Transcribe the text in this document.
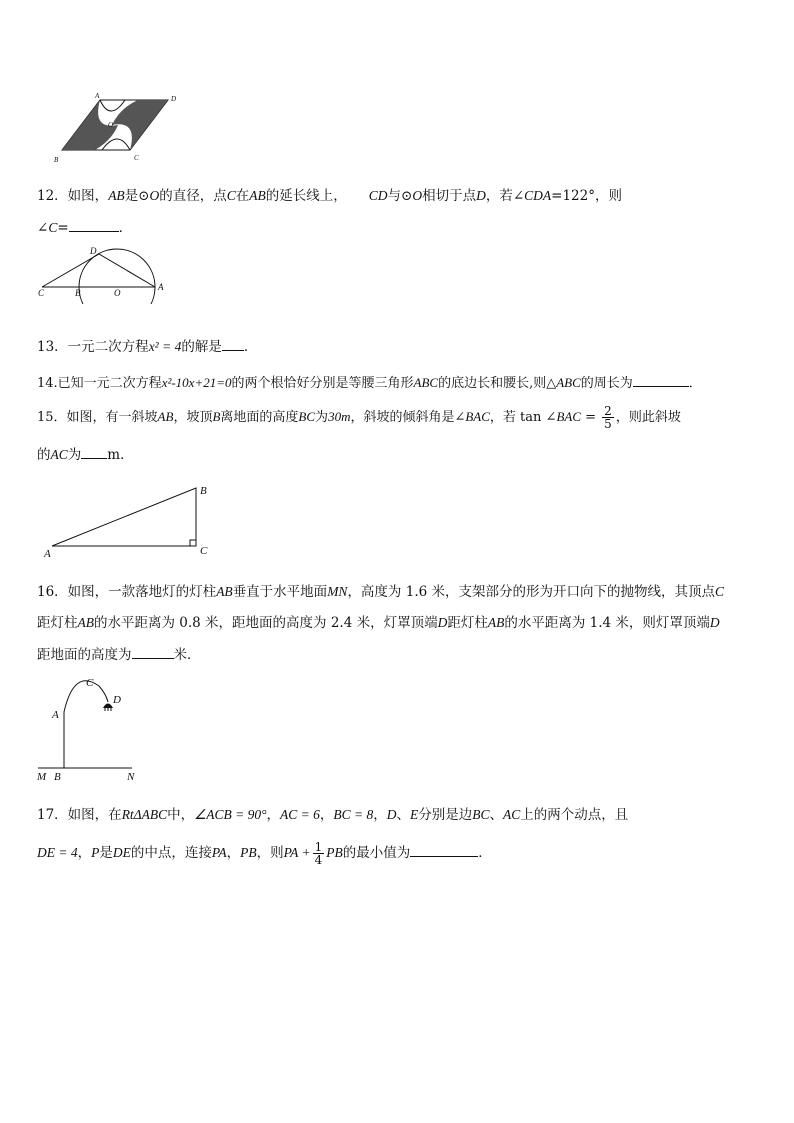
A	D
O
B	C
12．如图，AB是⊙O的直径，点C在AB的延长线上， CD与⊙O相切于点D，若∠CDA=122°，则
∠C=	．
D
C	B	O
A
13．一元二次方程x² = 4的解是 ．
14.已知一元二次方程x²-10x+21=0的两个根恰好分别是等腰三角形ABC的底边长和腰长,则△ABC的周长为	．
15．如图，有一斜坡AB，坡顶B离地面的高度BC为30m，斜坡的倾斜角是∠BAC，若 tan ∠BAC = $\frac{2}{5}$ ，则此斜坡
的AC为 m．
A
B
C
16．如图，一款落地灯的灯柱AB垂直于水平地面MN，高度为 1.6 米，支架部分的形为开口向下的抛物线，其顶点C
距灯柱AB的水平距离为 0.8 米，距地面的高度为 2.4 米，灯罩顶端D距灯柱AB的水平距离为 1.4 米，则灯罩顶端D
距地面的高度为	米．
C
D
A
M B	N
17．如图，在RtΔABC中，∠ACB = 90°，AC = 6，BC = 8，D、E分别是边BC、AC上的两个动点，且
DE = 4，P是DE的中点，连接PA，PB，则PA + $\frac{1}{4}$ PB的最小值为	．
